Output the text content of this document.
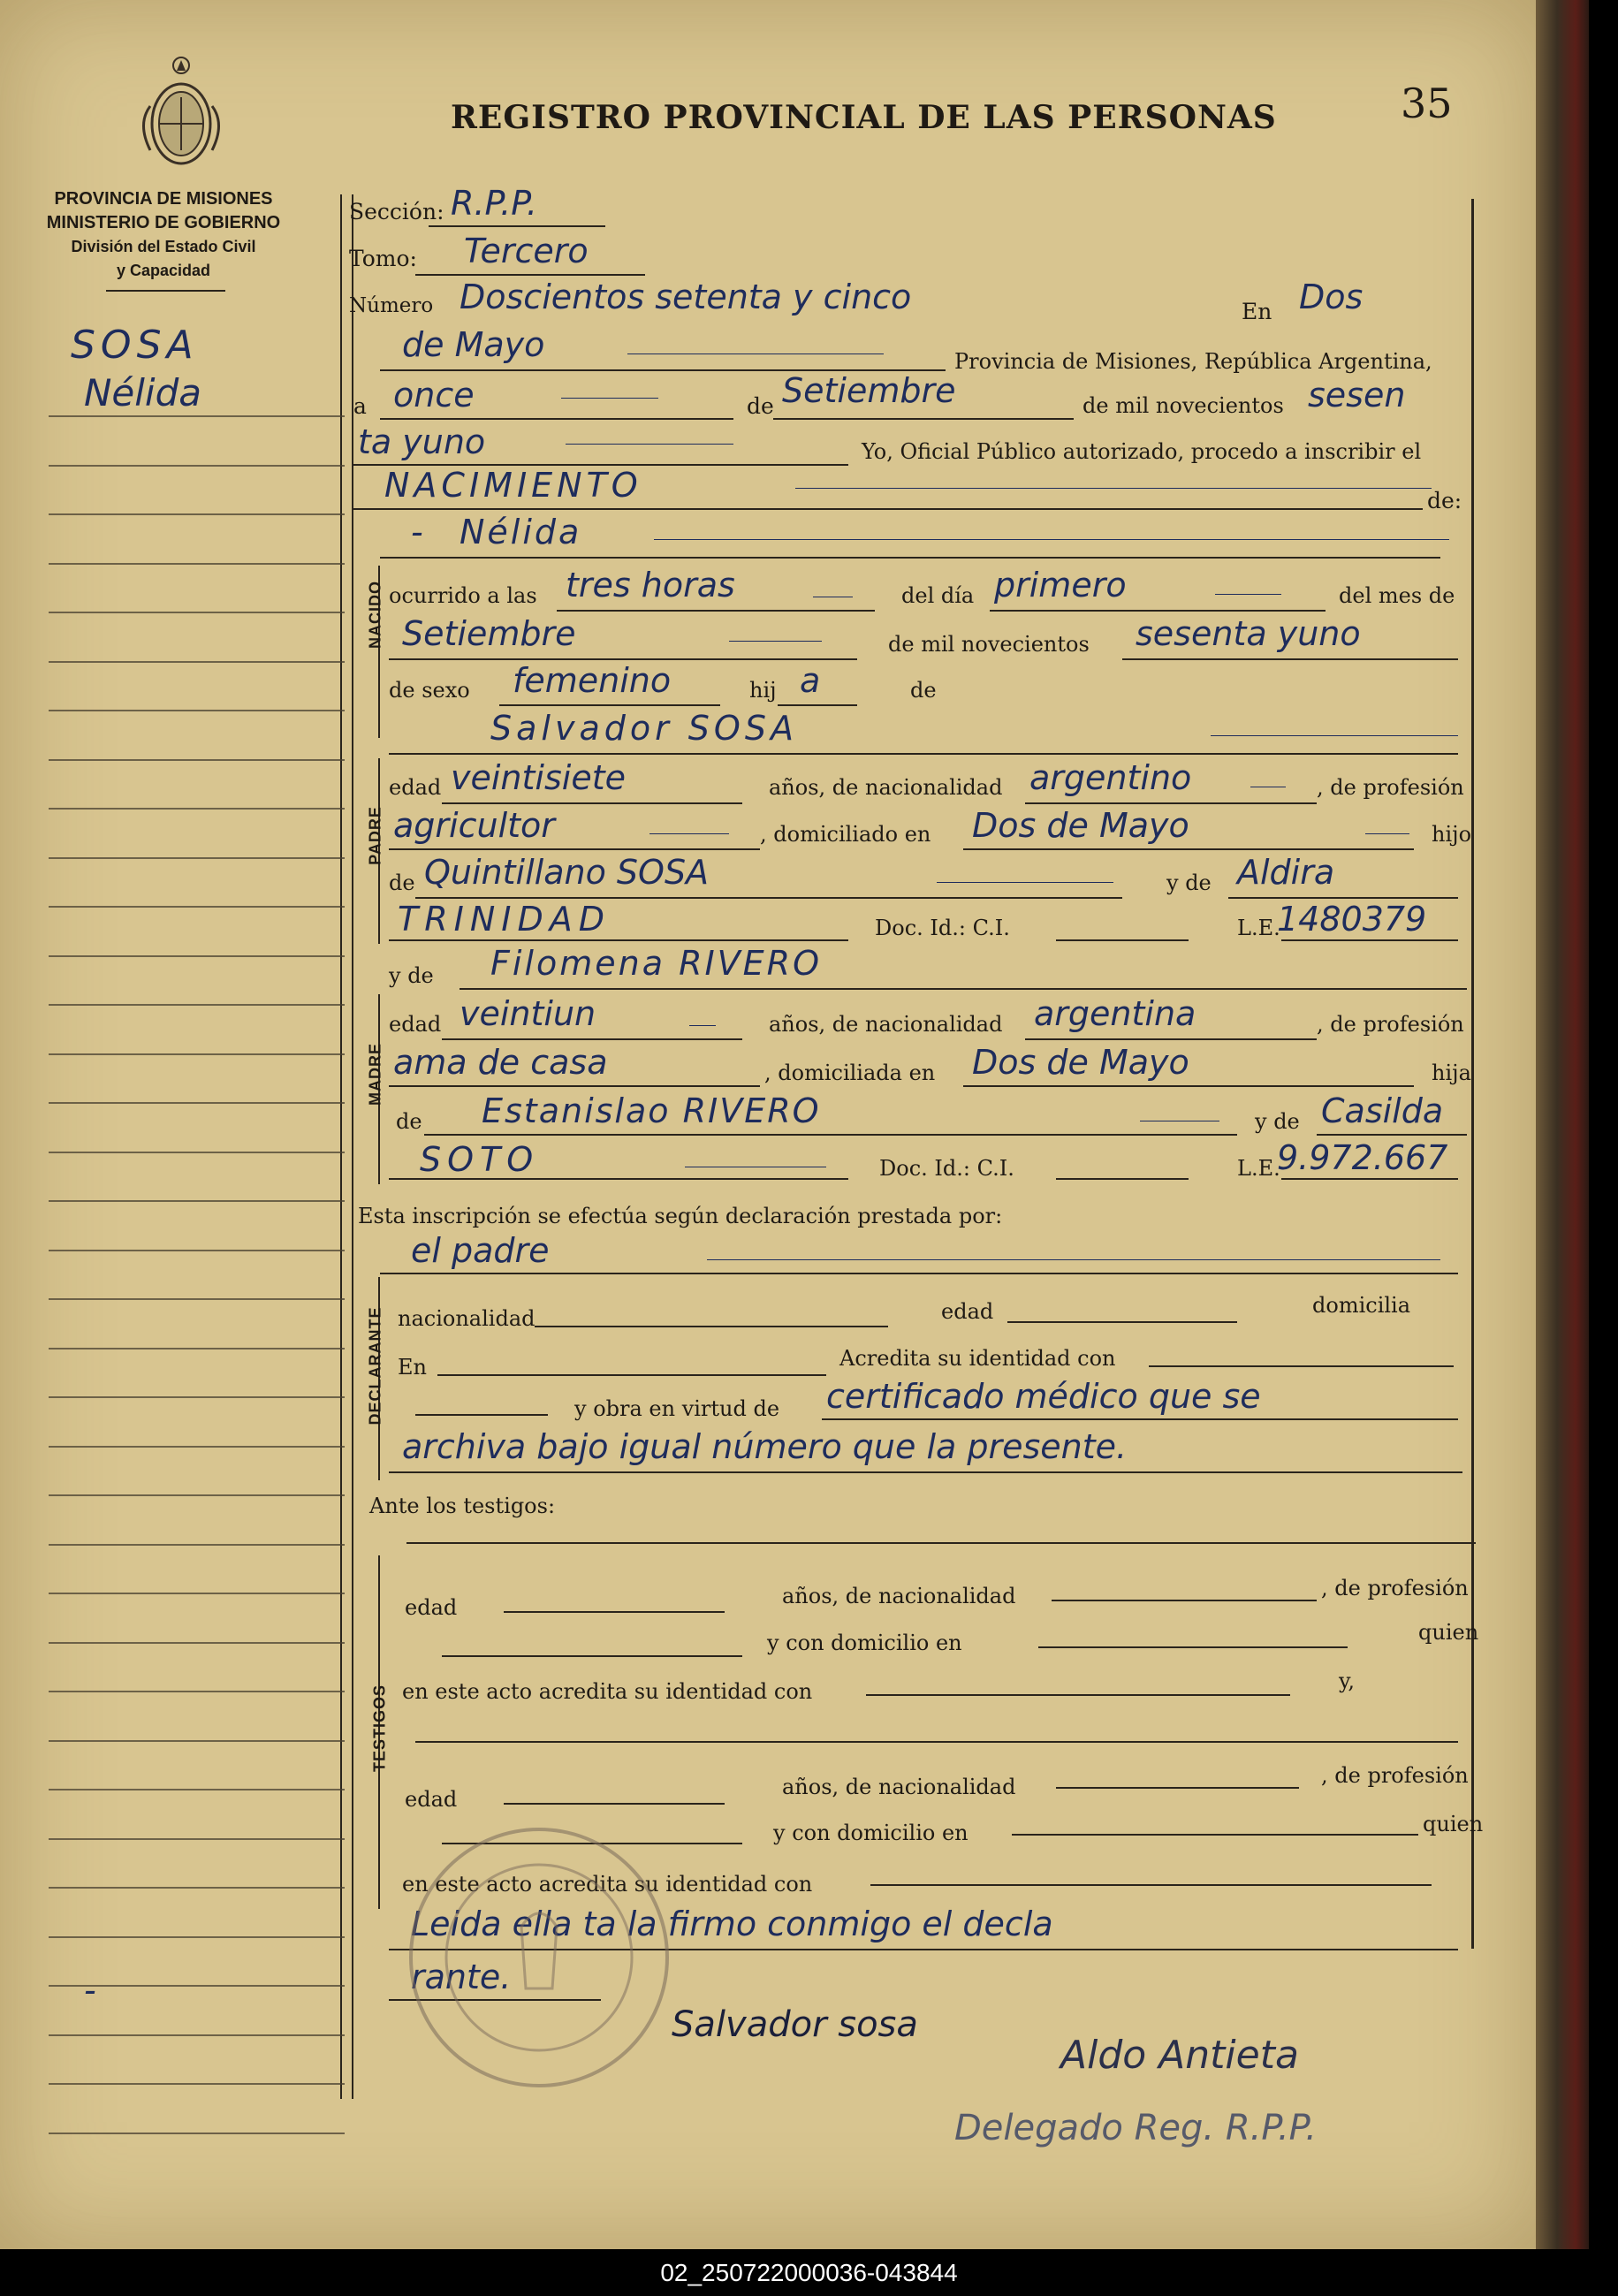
REGISTRO PROVINCIAL DE LAS PERSONAS	35
PROVINCIA DE MISIONES
MINISTERIO DE GOBIERNO
División del Estado Civil
y Capacidad
SOSA
Nélida
Sección: R.P.P.
Tomo: Tercero
Número Doscientos setenta y cinco	En Dos
de Mayo	Provincia de Misiones, República Argentina,
a once	de Setiembre	de mil novecientos sesen
ta yuno	Yo, Oficial Público autorizado, procedo a inscribir el
NACIMIENTO	de:
- Nélida
NACIDO ocurrido a las tres horas	del día primero	del mes de
Setiembre	de mil novecientos sesenta yuno
de sexo femenino	hij a	de
Salvador SOSA
PADRE
edad veintisiete	años, de nacionalidad argentino	, de profesión
agricultor	, domiciliado en Dos de Mayo	hijo
de Quintillano SOSA	y de Aldira
TRINIDAD	Doc. Id.: C.I.	L.E.
1480379
y de Filomena RIVERO
MADRE
edad veintiun	años, de nacionalidad argentina	, de profesión
ama de casa	, domiciliada en Dos de Mayo	hija
de Estanislao RIVERO	y de Casilda
SOTO	Doc. Id.: C.I.	L.E.
9.972.667
Esta inscripción se efectúa según declaración prestada por:
el padre
DECLARANTE nacionalidad	edad	domicilia
En	Acredita su identidad con
y obra en virtud de certificado médico que se
archiva bajo igual número que la presente.
Ante los testigos:
TESTIGOS
edad	años, de nacionalidad	, de profesión
y con domicilio en	quien
en este acto acredita su identidad con	y,
edad	años, de nacionalidad	, de profesión
y con domicilio en	quien
en este acto acredita su identidad con
Leida ella ta la firmo conmigo el decla
rante.
-
Salvador sosa
Aldo Antieta
Delegado Reg. R.P.P.
02_250722000036-043844
